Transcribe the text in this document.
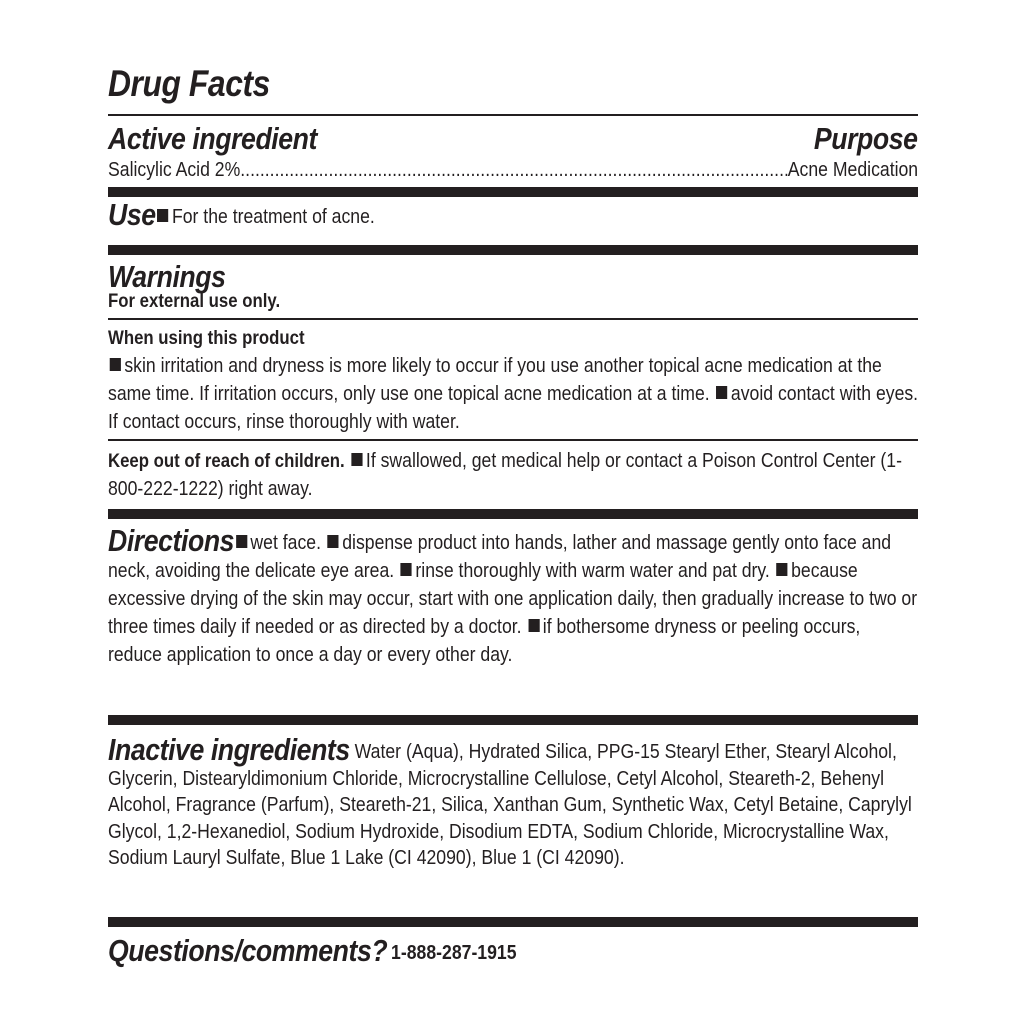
Drug Facts
Active ingredient	Purpose
Salicylic Acid 2%
.....	Acne Medication
Use For the treatment of acne.
Warnings
For external use only.
When using this product
skin irritation and dryness is more likely to occur if you use another topical acne medication at the same time. If irritation occurs, only use one topical acne medication at a time. avoid contact with eyes. If contact occurs, rinse thoroughly with water.
Keep out of reach of children. If swallowed, get medical help or contact a Poison Control Center (1-800-222-1222) right away.
Directions wet face. dispense product into hands, lather and massage gently onto face and neck, avoiding the delicate eye area. rinse thoroughly with warm water and pat dry. because excessive drying of the skin may occur, start with one application daily, then gradually increase to two or three times daily if needed or as directed by a doctor. if bothersome dryness or peeling occurs, reduce application to once a day or every other day.
Inactive ingredients Water (Aqua), Hydrated Silica, PPG-15 Stearyl Ether, Stearyl Alcohol, Glycerin, Distearyldimonium Chloride, Microcrystalline Cellulose, Cetyl Alcohol, Steareth-2, Behenyl Alcohol, Fragrance (Parfum), Steareth-21, Silica, Xanthan Gum, Synthetic Wax, Cetyl Betaine, Caprylyl Glycol, 1,2-Hexanediol, Sodium Hydroxide, Disodium EDTA, Sodium Chloride, Microcrystalline Wax, Sodium Lauryl Sulfate, Blue 1 Lake (CI 42090), Blue 1 (CI 42090).
Questions/comments? 1-888-287-1915
